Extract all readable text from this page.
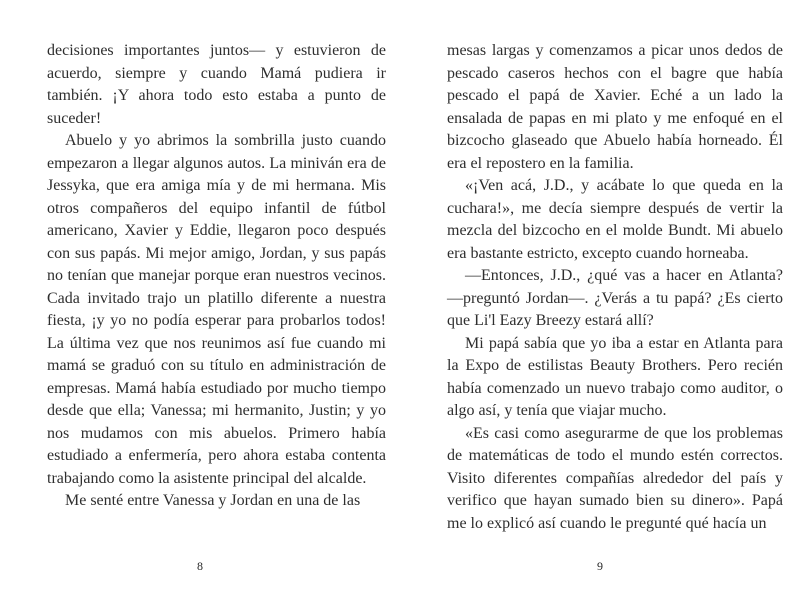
decisiones importantes juntos— y estuvieron de acuerdo, siempre y cuando Mamá pudiera ir también. ¡Y ahora todo esto estaba a punto de suceder!

Abuelo y yo abrimos la sombrilla justo cuando empezaron a llegar algunos autos. La miniván era de Jessyka, que era amiga mía y de mi hermana. Mis otros compañeros del equipo infantil de fútbol americano, Xavier y Eddie, llegaron poco después con sus papás. Mi mejor amigo, Jordan, y sus papás no tenían que manejar porque eran nuestros vecinos. Cada invitado trajo un platillo diferente a nuestra fiesta, ¡y yo no podía esperar para probarlos todos! La última vez que nos reunimos así fue cuando mi mamá se graduó con su título en administración de empresas. Mamá había estudiado por mucho tiempo desde que ella; Vanessa; mi hermanito, Justin; y yo nos mudamos con mis abuelos. Primero había estudiado a enfermería, pero ahora estaba contenta trabajando como la asistente principal del alcalde.

Me senté entre Vanessa y Jordan en una de las

mesas largas y comenzamos a picar unos dedos de pescado caseros hechos con el bagre que había pescado el papá de Xavier. Eché a un lado la ensalada de papas en mi plato y me enfoqué en el bizcocho glaseado que Abuelo había horneado. Él era el repostero en la familia.

«¡Ven acá, J.D., y acábate lo que queda en la cuchara!», me decía siempre después de vertir la mezcla del bizcocho en el molde Bundt. Mi abuelo era bastante estricto, excepto cuando horneaba.

—Entonces, J.D., ¿qué vas a hacer en Atlanta? —preguntó Jordan—. ¿Verás a tu papá? ¿Es cierto que Li'l Eazy Breezy estará allí?

Mi papá sabía que yo iba a estar en Atlanta para la Expo de estilistas Beauty Brothers. Pero recién había comenzado un nuevo trabajo como auditor, o algo así, y tenía que viajar mucho.

«Es casi como asegurarme de que los problemas de matemáticas de todo el mundo estén correctos. Visito diferentes compañías alrededor del país y verifico que hayan sumado bien su dinero». Papá me lo explicó así cuando le pregunté qué hacía un

8	9
